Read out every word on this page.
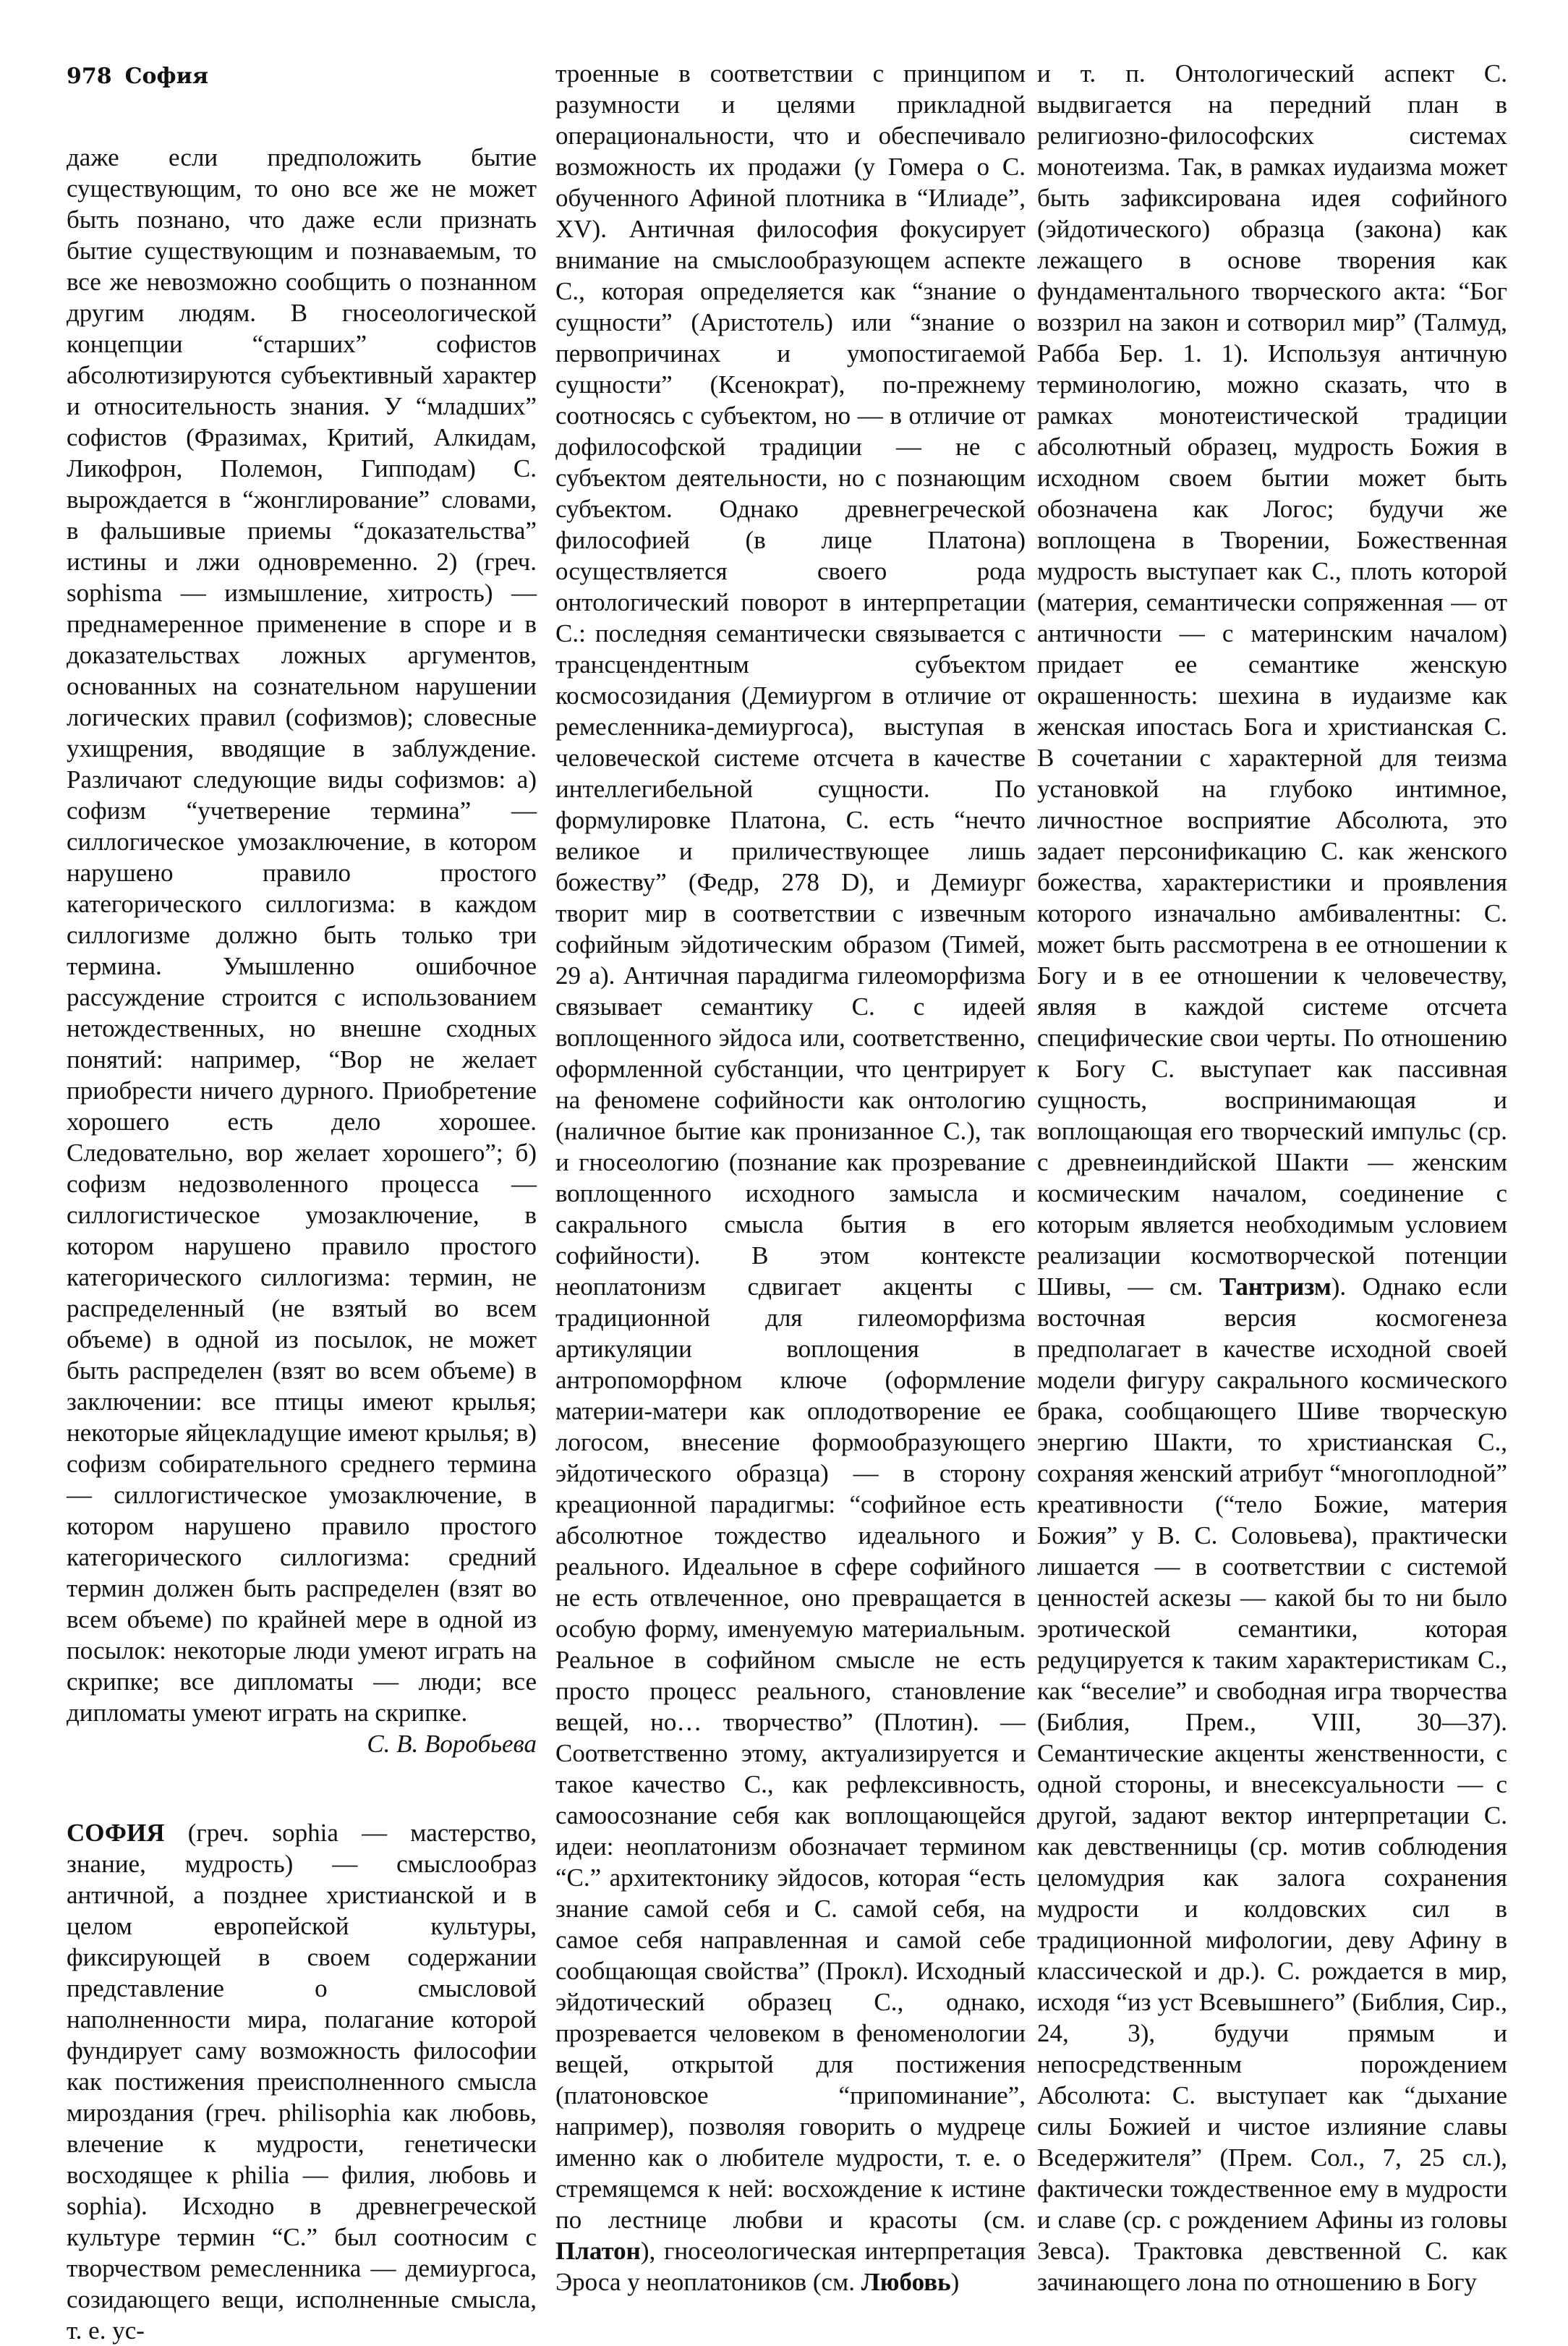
978 София

даже если предположить бытие существующим, то оно все же не может быть познано, что даже если признать бытие существующим и познаваемым, то все же невозможно сообщить о познанном другим людям. В гносеологической концепции “старших” софистов абсолютизируются субъективный характер и относительность знания. У “младших” софистов (Фразимах, Критий, Алкидам, Ликофрон, Полемон, Гипподам) С. вырождается в “жонглирование” словами, в фальшивые приемы “доказательства” истины и лжи одновременно. 2) (греч. sophisma — измышление, хитрость) — преднамеренное применение в споре и в доказательствах ложных аргументов, основанных на сознательном нарушении логических правил (софизмов); словесные ухищрения, вводящие в заблуждение. Различают следующие виды софизмов: а) софизм “учетверение термина” — силлогическое умозаключение, в котором нарушено правило простого категорического силлогизма: в каждом силлогизме должно быть только три термина. Умышленно ошибочное рассуждение строится с использованием нетождественных, но внешне сходных понятий: например, “Вор не желает приобрести ничего дурного. Приобретение хорошего есть дело хорошее. Следовательно, вор желает хорошего”; б) софизм недозволенного процесса — силлогистическое умозаключение, в котором нарушено правило простого категорического силлогизма: термин, не распределенный (не взятый во всем объеме) в одной из посылок, не может быть распределен (взят во всем объеме) в заключении: все птицы имеют крылья; некоторые яйцекладущие имеют крылья; в) софизм собирательного среднего термина — силлогистическое умозаключение, в котором нарушено правило простого категорического силлогизма: средний термин должен быть распределен (взят во всем объеме) по крайней мере в одной из посылок: некоторые люди умеют играть на скрипке; все дипломаты — люди; все дипломаты умеют играть на скрипке.

С. В. Воробьева

СОФИЯ (греч. sophia — мастерство, знание, мудрость) — смыслообраз античной, а позднее христианской и в целом европейской культуры, фиксирующей в своем содержании представление о смысловой наполненности мира, полагание которой фундирует саму возможность философии как постижения преисполненного смысла мироздания (греч. philisophia как любовь, влечение к мудрости, генетически восходящее к philia — филия, любовь и sophia). Исходно в древнегреческой культуре термин “С.” был соотносим с творчеством ремесленника — демиургоса, созидающего вещи, исполненные смысла, т. е. ус-

троенные в соответствии с принципом разумности и целями прикладной операциональности, что и обеспечивало возможность их продажи (у Гомера о С. обученного Афиной плотника в “Илиаде”, XV). Античная философия фокусирует внимание на смыслообразующем аспекте С., которая определяется как “знание о сущности” (Аристотель) или “знание о первопричинах и умопостигаемой сущности” (Ксенократ), по-прежнему соотносясь с субъектом, но — в отличие от дофилософской традиции — не с субъектом деятельности, но с познающим субъектом. Однако древнегреческой философией (в лице Платона) осуществляется своего рода онтологический поворот в интерпретации С.: последняя семантически связывается с трансцендентным субъектом космосозидания (Демиургом в отличие от ремесленника-демиургоса), выступая в человеческой системе отсчета в качестве интеллегибельной сущности. По формулировке Платона, С. есть “нечто великое и приличествующее лишь божеству” (Федр, 278 D), и Демиург творит мир в соответствии с извечным софийным эйдотическим образом (Тимей, 29 а). Античная парадигма гилеоморфизма связывает семантику С. с идеей воплощенного эйдоса или, соответственно, оформленной субстанции, что центрирует на феномене софийности как онтологию (наличное бытие как пронизанное С.), так и гносеологию (познание как прозревание воплощенного исходного замысла и сакрального смысла бытия в его софийности). В этом контексте неоплатонизм сдвигает акценты с традиционной для гилеоморфизма артикуляции воплощения в антропоморфном ключе (оформление материи-матери как оплодотворение ее логосом, внесение формообразующего эйдотического образца) — в сторону креационной парадигмы: “софийное есть абсолютное тождество идеального и реального. Идеальное в сфере софийного не есть отвлеченное, оно превращается в особую форму, именуемую материальным. Реальное в софийном смысле не есть просто процесс реального, становление вещей, но… творчество” (Плотин). — Соответственно этому, актуализируется и такое качество С., как рефлексивность, самоосознание себя как воплощающейся идеи: неоплатонизм обозначает термином “С.” архитектонику эйдосов, которая “есть знание самой себя и С. самой себя, на самое себя направленная и самой себе сообщающая свойства” (Прокл). Исходный эйдотический образец С., однако, прозревается человеком в феноменологии вещей, открытой для постижения (платоновское “припоминание”, например), позволяя говорить о мудреце именно как о любителе мудрости, т. е. о стремящемся к ней: восхождение к истине по лестнице любви и красоты (см. Платон), гносеологическая интерпретация Эроса у неоплатоников (см. Любовь)

и т. п. Онтологический аспект С. выдвигается на передний план в религиозно-философских системах монотеизма. Так, в рамках иудаизма может быть зафиксирована идея софийного (эйдотического) образца (закона) как лежащего в основе творения как фундаментального творческого акта: “Бог воззрил на закон и сотворил мир” (Талмуд, Рабба Бер. 1. 1). Используя античную терминологию, можно сказать, что в рамках монотеистической традиции абсолютный образец, мудрость Божия в исходном своем бытии может быть обозначена как Логос; будучи же воплощена в Творении, Божественная мудрость выступает как С., плоть которой (материя, семантически сопряженная — от античности — с материнским началом) придает ее семантике женскую окрашенность: шехина в иудаизме как женская ипостась Бога и христианская С. В сочетании с характерной для теизма установкой на глубоко интимное, личностное восприятие Абсолюта, это задает персонификацию С. как женского божества, характеристики и проявления которого изначально амбивалентны: С. может быть рассмотрена в ее отношении к Богу и в ее отношении к человечеству, являя в каждой системе отсчета специфические свои черты. По отношению к Богу С. выступает как пассивная сущность, воспринимающая и воплощающая его творческий импульс (ср. с древнеиндийской Шакти — женским космическим началом, соединение с которым является необходимым условием реализации космотворческой потенции Шивы, — см. Тантризм). Однако если восточная версия космогенеза предполагает в качестве исходной своей модели фигуру сакрального космического брака, сообщающего Шиве творческую энергию Шакти, то христианская С., сохраняя женский атрибут “многоплодной” креативности (“тело Божие, материя Божия” у В. С. Соловьева), практически лишается — в соответствии с системой ценностей аскезы — какой бы то ни было эротической семантики, которая редуцируется к таким характеристикам С., как “веселие” и свободная игра творчества (Библия, Прем., VIII, 30—37). Семантические акценты женственности, с одной стороны, и внесексуальности — с другой, задают вектор интерпретации С. как девственницы (ср. мотив соблюдения целомудрия как залога сохранения мудрости и колдовских сил в традиционной мифологии, деву Афину в классической и др.). С. рождается в мир, исходя “из уст Всевышнего” (Библия, Сир., 24, 3), будучи прямым и непосредственным порождением Абсолюта: С. выступает как “дыхание силы Божией и чистое излияние славы Вседержителя” (Прем. Сол., 7, 25 сл.), фактически тождественное ему в мудрости и славе (ср. с рождением Афины из головы Зевса). Трактовка девственной С. как зачинающего лона по отношению в Богу
